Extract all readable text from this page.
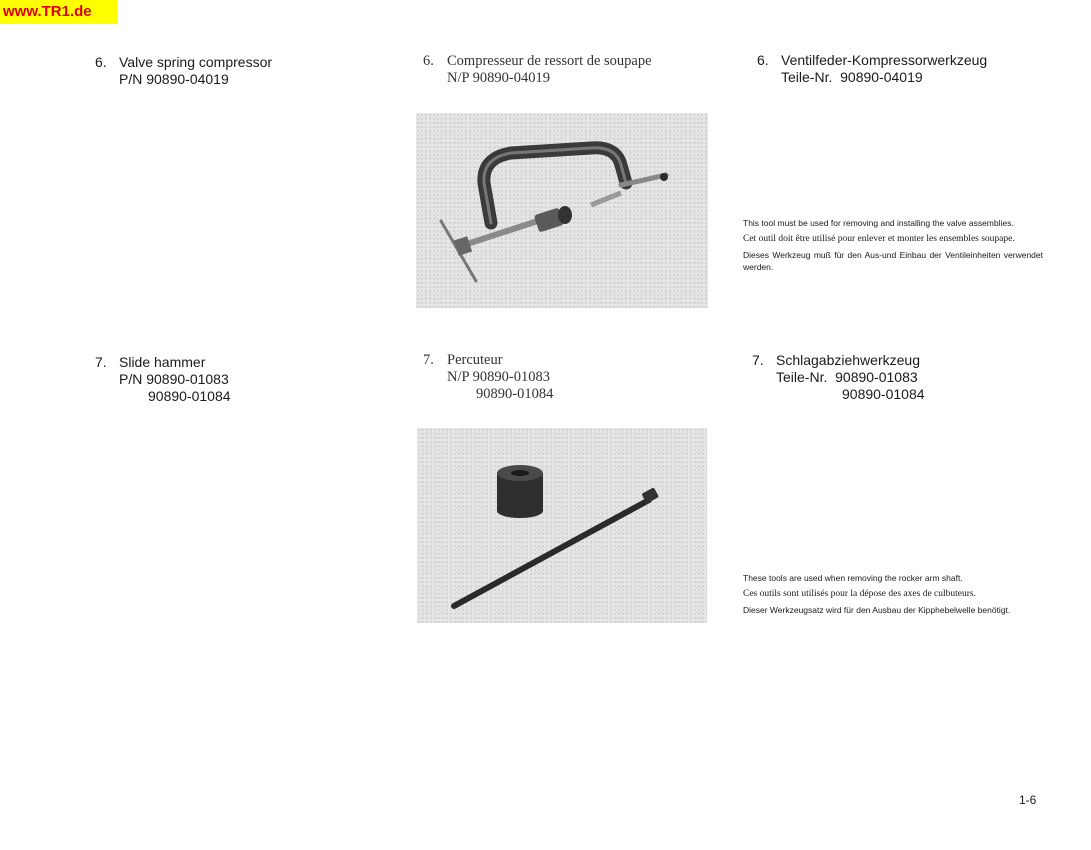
www.TR1.de
6. Valve spring compressor
P/N 90890-04019
6. Compresseur de ressort de soupape
N/P 90890-04019
6. Ventilfeder-Kompressorwerkzeug
Teile-Nr.  90890-04019

This tool must be used for removing and installing the valve assemblies.

Cet outil doit être utilisé pour enlever et monter les ensembles soupape.

Dieses Werkzeug muß für den Aus-und Einbau der Ventileinheiten verwendet werden.

7. Slide hammer
P/N 90890-01083
90890-01084
7. Percuteur
N/P 90890-01083
90890-01084
7. Schlagabziehwerkzeug
Teile-Nr.  90890-01083
90890-01084

These tools are used when removing the rocker arm shaft.

Ces outils sont utilisés pour la dépose des axes de culbuteurs.

Dieser Werkzeugsatz wird für den Ausbau der Kipphebelwelle benötigt.

1-6
